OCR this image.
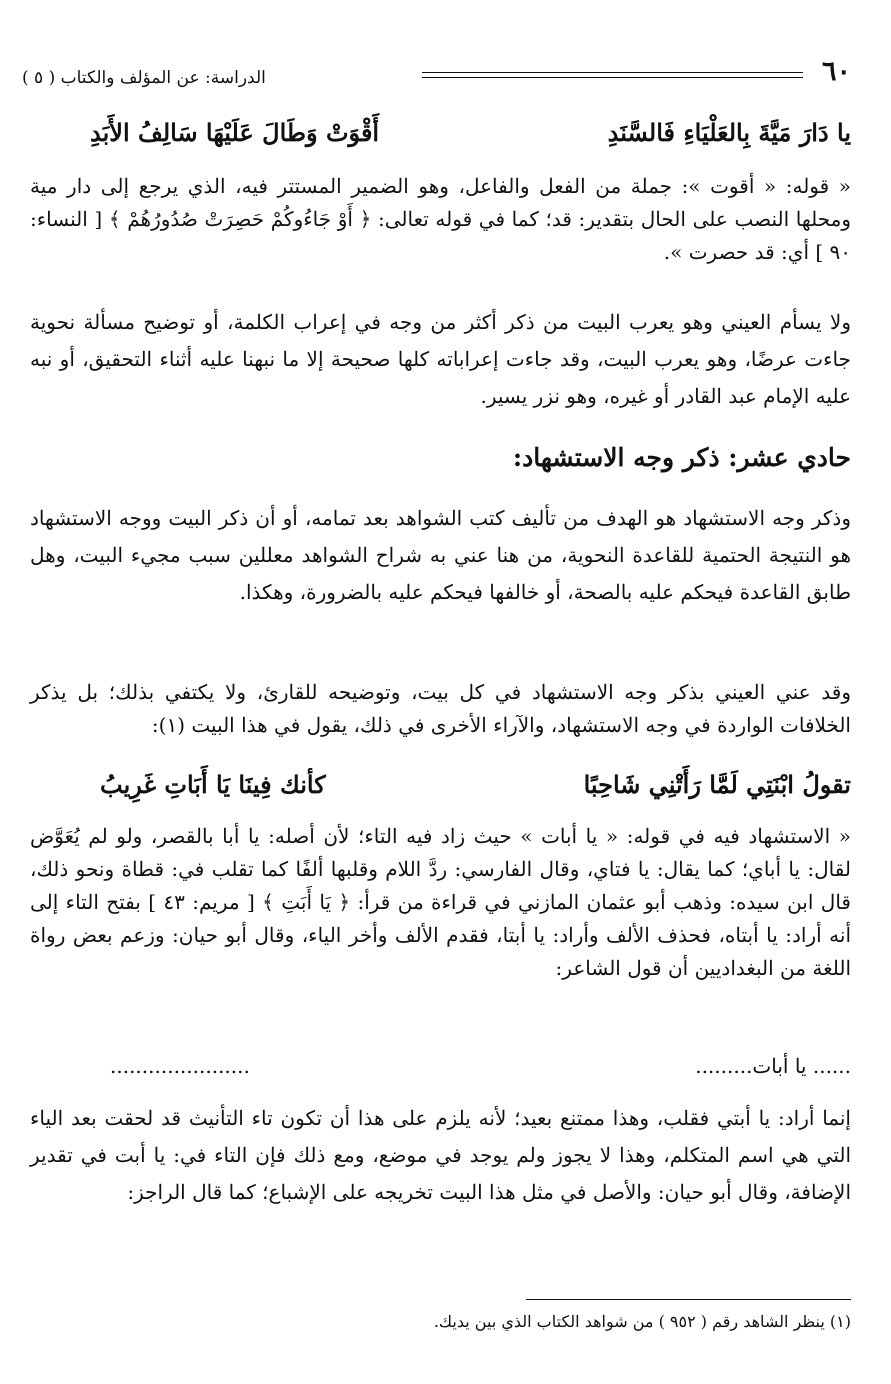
٦٠
الدراسة: عن المؤلف والكتاب ( ٥ )
يا دَارَ مَيَّةَ بِالعَلْيَاءِ فَالسَّنَدِ
أَقْوَتْ وَطَالَ عَلَيْهَا سَالِفُ الأَبَدِ

« قوله: « أقوت »: جملة من الفعل والفاعل، وهو الضمير المستتر فيه، الذي يرجع إلى دار مية ومحلها النصب على الحال بتقدير: قد؛ كما في قوله تعالى: ﴿ أَوْ جَاءُوكُمْ حَصِرَتْ صُدُورُهُمْ ﴾ [ النساء: ٩٠ ] أي: قد حصرت ».

ولا يسأم العيني وهو يعرب البيت من ذكر أكثر من وجه في إعراب الكلمة، أو توضيح مسألة نحوية جاءت عرضًا، وهو يعرب البيت، وقد جاءت إعراباته كلها صحيحة إلا ما نبهنا عليه أثناء التحقيق، أو نبه عليه الإمام عبد القادر أو غيره، وهو نزر يسير.

حادي عشر: ذكر وجه الاستشهاد:

وذكر وجه الاستشهاد هو الهدف من تأليف كتب الشواهد بعد تمامه، أو أن ذكر البيت ووجه الاستشهاد هو النتيجة الحتمية للقاعدة النحوية، من هنا عني به شراح الشواهد معللين سبب مجيء البيت، وهل طابق القاعدة فيحكم عليه بالصحة، أو خالفها فيحكم عليه بالضرورة، وهكذا.

وقد عني العيني بذكر وجه الاستشهاد في كل بيت، وتوضيحه للقارئ، ولا يكتفي بذلك؛ بل يذكر الخلافات الواردة في وجه الاستشهاد، والآراء الأخرى في ذلك، يقول في هذا البيت (١):

تقولُ ابْنَتِي لَمَّا رَأَتْنِي شَاحِبًا
كأنك فِينَا يَا أَبَاتِ غَرِيبُ

« الاستشهاد فيه في قوله: « يا أبات » حيث زاد فيه التاء؛ لأن أصله: يا أبا بالقصر، ولو لم يُعَوَّض لقال: يا أباي؛ كما يقال: يا فتاي، وقال الفارسي: ردَّ اللام وقلبها ألفًا كما تقلب في: قطاة ونحو ذلك، قال ابن سيده: وذهب أبو عثمان المازني في قراءة من قرأ: ﴿ يَا أَبَتِ ﴾ [ مريم: ٤٣ ] بفتح التاء إلى أنه أراد: يا أبتاه، فحذف الألف وأراد: يا أبتا، فقدم الألف وأخر الياء، وقال أبو حيان: وزعم بعض رواة اللغة من البغداديين أن قول الشاعر:

...... يا أبات.........
......................

إنما أراد: يا أبتي فقلب، وهذا ممتنع بعيد؛ لأنه يلزم على هذا أن تكون تاء التأنيث قد لحقت بعد الياء التي هي اسم المتكلم، وهذا لا يجوز ولم يوجد في موضع، ومع ذلك فإن التاء في: يا أبت في تقدير الإضافة، وقال أبو حيان: والأصل في مثل هذا البيت تخريجه على الإشباع؛ كما قال الراجز:

(١) ينظر الشاهد رقم ( ٩٥٢ ) من شواهد الكتاب الذي بين يديك.
